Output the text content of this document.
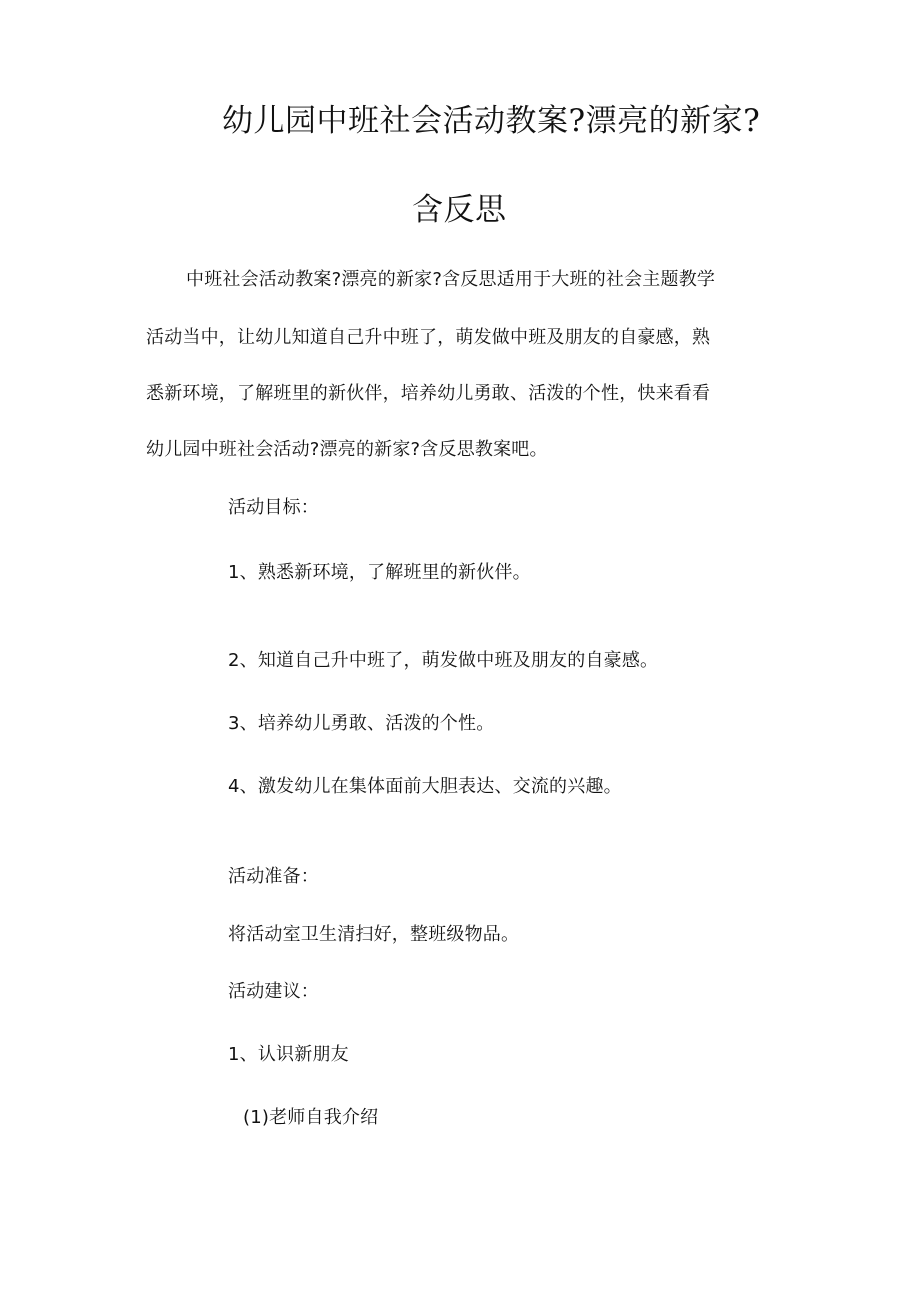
幼儿园中班社会活动教案?漂亮的新家?
含反思

中班社会活动教案?漂亮的新家?含反思适用于大班的社会主题教学

活动当中，让幼儿知道自己升中班了，萌发做中班及朋友的自豪感，熟

悉新环境，了解班里的新伙伴，培养幼儿勇敢、活泼的个性，快来看看

幼儿园中班社会活动?漂亮的新家?含反思教案吧。

活动目标：

1、熟悉新环境，了解班里的新伙伴。

2、知道自己升中班了，萌发做中班及朋友的自豪感。

3、培养幼儿勇敢、活泼的个性。

4、激发幼儿在集体面前大胆表达、交流的兴趣。

活动准备：

将活动室卫生清扫好，整班级物品。

活动建议：

1、认识新朋友

(1)老师自我介绍
